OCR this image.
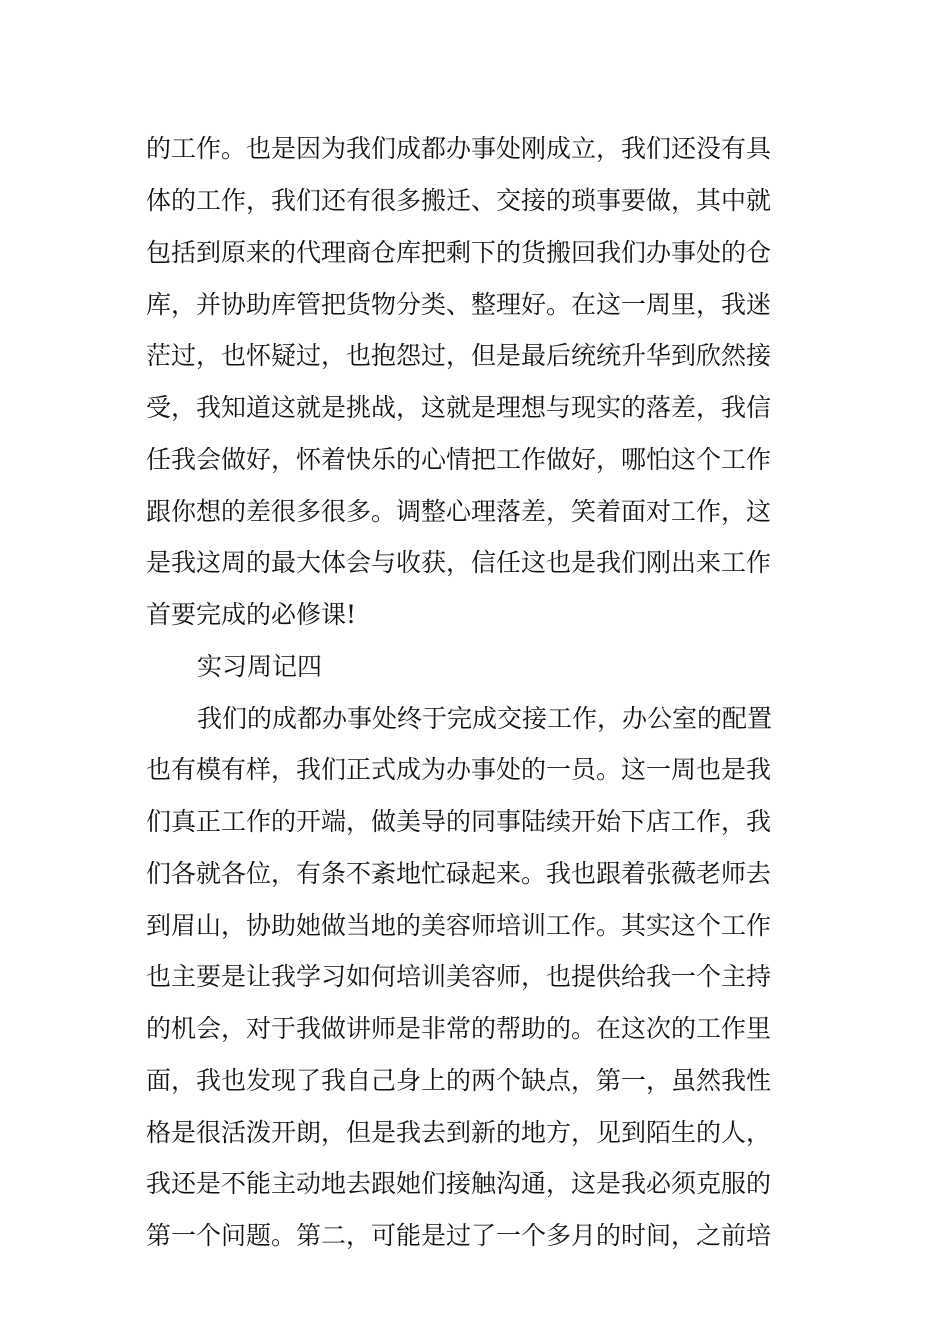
的工作。也是因为我们成都办事处刚成立，我们还没有具
体的工作，我们还有很多搬迁、交接的琐事要做，其中就
包括到原来的代理商仓库把剩下的货搬回我们办事处的仓
库，并协助库管把货物分类、整理好。在这一周里，我迷
茫过，也怀疑过，也抱怨过，但是最后统统升华到欣然接
受，我知道这就是挑战，这就是理想与现实的落差，我信
任我会做好，怀着快乐的心情把工作做好，哪怕这个工作
跟你想的差很多很多。调整心理落差，笑着面对工作，这
是我这周的最大体会与收获，信任这也是我们刚出来工作
首要完成的必修课!
实习周记四
我们的成都办事处终于完成交接工作，办公室的配置
也有模有样，我们正式成为办事处的一员。这一周也是我
们真正工作的开端，做美导的同事陆续开始下店工作，我
们各就各位，有条不紊地忙碌起来。我也跟着张薇老师去
到眉山，协助她做当地的美容师培训工作。其实这个工作
也主要是让我学习如何培训美容师，也提供给我一个主持
的机会，对于我做讲师是非常的帮助的。在这次的工作里
面，我也发现了我自己身上的两个缺点，第一，虽然我性
格是很活泼开朗，但是我去到新的地方，见到陌生的人，
我还是不能主动地去跟她们接触沟通，这是我必须克服的
第一个问题。第二，可能是过了一个多月的时间，之前培
